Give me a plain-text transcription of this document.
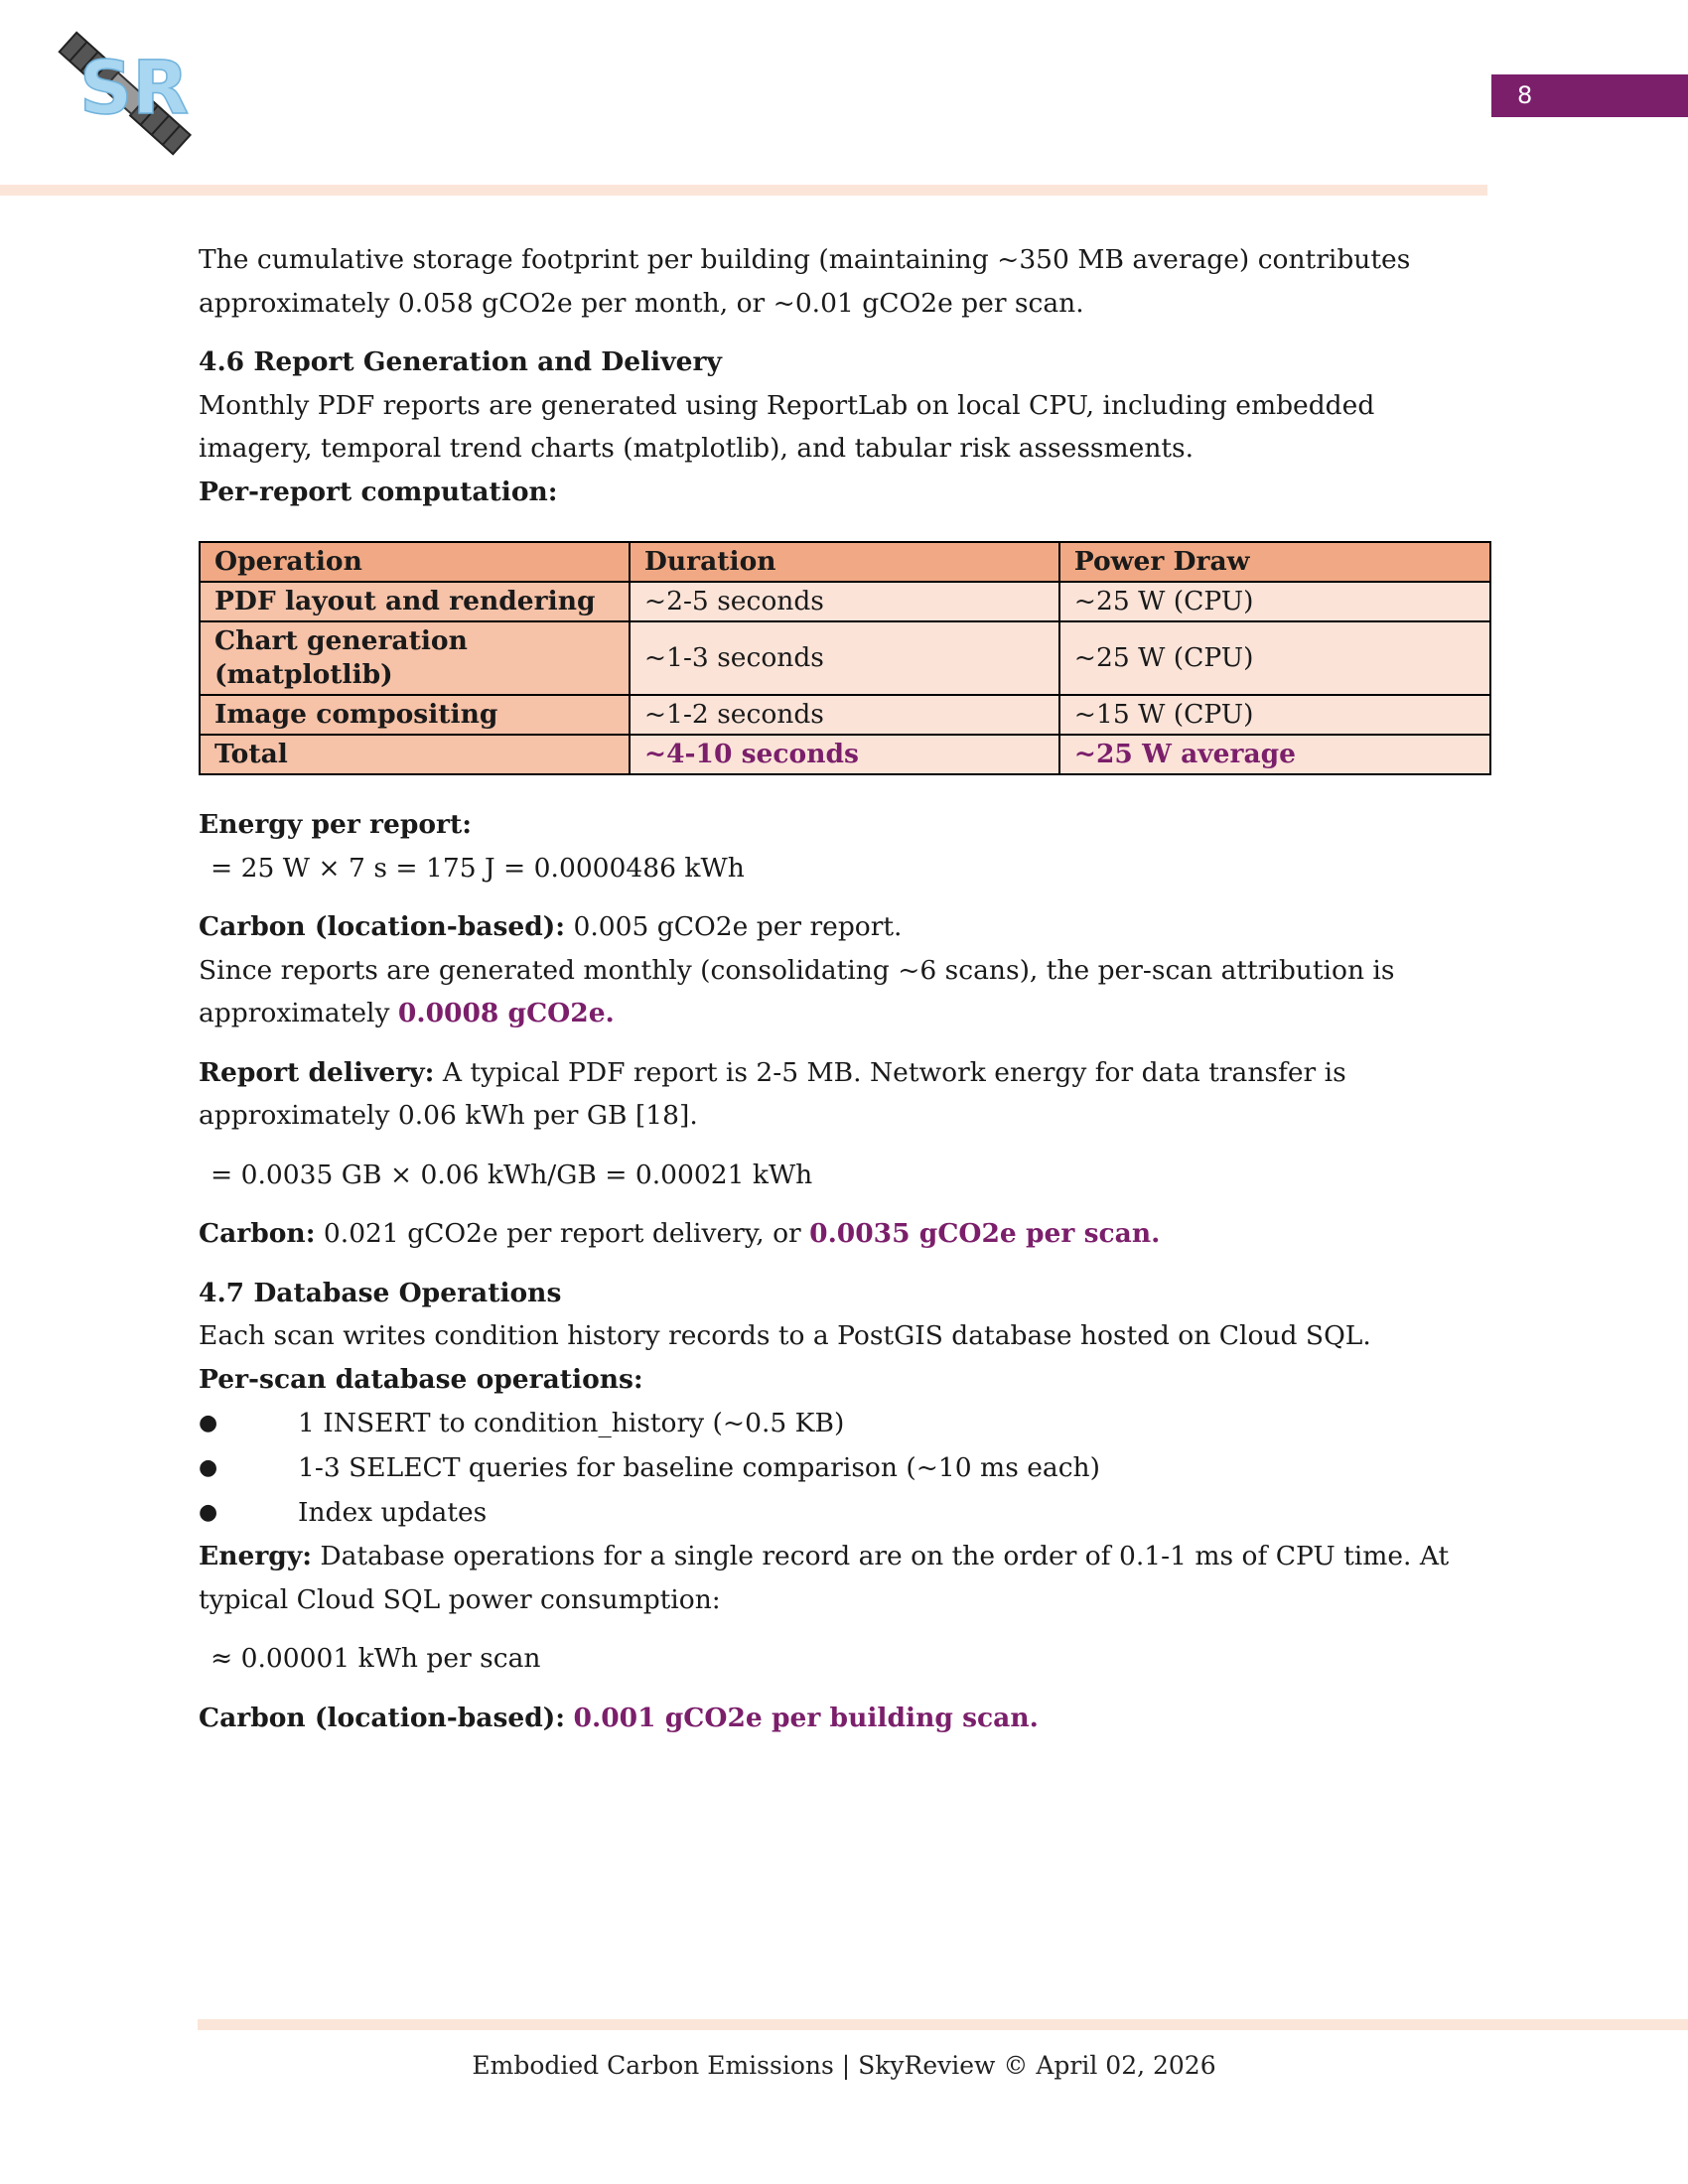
SR	8

The cumulative storage footprint per building (maintaining ~350 MB average) contributes approximately 0.058 gCO2e per month, or ~0.01 gCO2e per scan.

4.6 Report Generation and Delivery

Monthly PDF reports are generated using ReportLab on local CPU, including embedded imagery, temporal trend charts (matplotlib), and tabular risk assessments.

Per-report computation:

Operation	Duration	Power Draw
PDF layout and rendering	~2-5 seconds	~25 W (CPU)
Chart generation (matplotlib)	~1-3 seconds	~25 W (CPU)
Image compositing	~1-2 seconds	~15 W (CPU)
Total	~4-10 seconds	~25 W average

Energy per report:

= 25 W × 7 s = 175 J = 0.0000486 kWh

Carbon (location-based): 0.005 gCO2e per report.

Since reports are generated monthly (consolidating ~6 scans), the per-scan attribution is approximately 0.0008 gCO2e.

Report delivery: A typical PDF report is 2-5 MB. Network energy for data transfer is approximately 0.06 kWh per GB [18].

= 0.0035 GB × 0.06 kWh/GB = 0.00021 kWh

Carbon: 0.021 gCO2e per report delivery, or 0.0035 gCO2e per scan.

4.7 Database Operations

Each scan writes condition history records to a PostGIS database hosted on Cloud SQL.

Per-scan database operations:

●	1 INSERT to condition_history (~0.5 KB)
●	1-3 SELECT queries for baseline comparison (~10 ms each)
●	Index updates

Energy: Database operations for a single record are on the order of 0.1-1 ms of CPU time. At typical Cloud SQL power consumption:

≈ 0.00001 kWh per scan

Carbon (location-based): 0.001 gCO2e per building scan.

Embodied Carbon Emissions | SkyReview © April 02, 2026
